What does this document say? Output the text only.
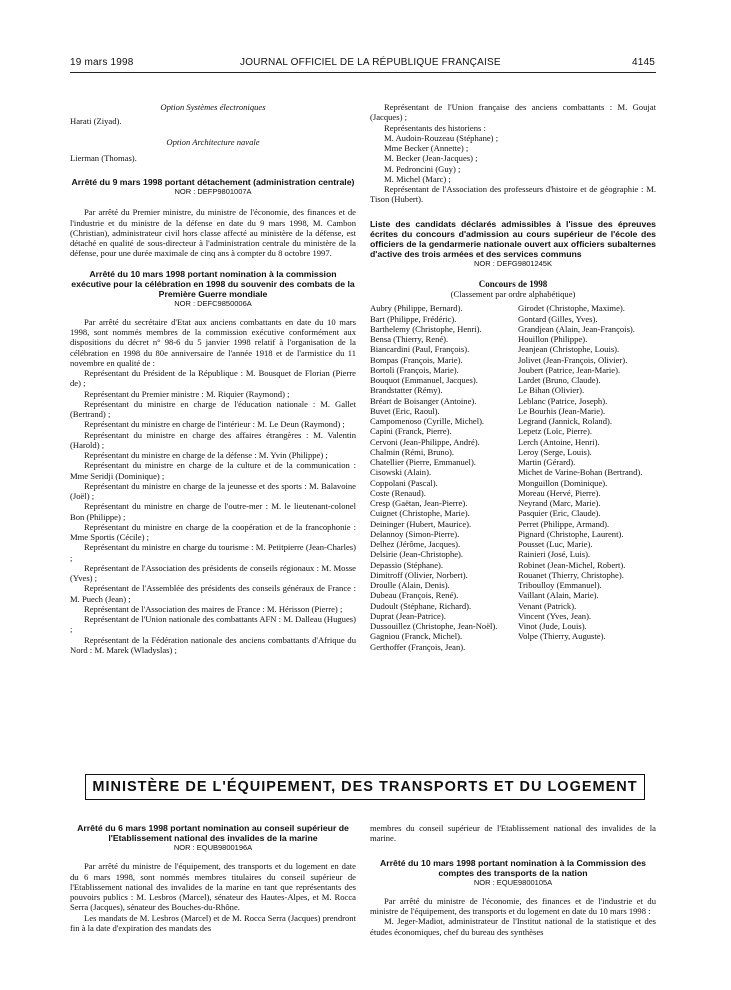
19 mars 1998	JOURNAL OFFICIEL DE LA RÉPUBLIQUE FRANÇAISE	4145

Option Systèmes électroniques

Harati (Ziyad).

Option Architecture navale

Lierman (Thomas).

Arrêté du 9 mars 1998 portant détachement (administration centrale)

NOR : DEFP9801007A

Par arrêté du Premier ministre, du ministre de l'économie, des finances et de l'industrie et du ministre de la défense en date du 9 mars 1998, M. Cambon (Christian), administrateur civil hors classe affecté au ministère de la défense, est détaché en qualité de sous-directeur à l'administration centrale du ministère de la défense, pour une durée maximale de cinq ans à compter du 8 octobre 1997.

Arrêté du 10 mars 1998 portant nomination à la commission exécutive pour la célébration en 1998 du souvenir des combats de la Première Guerre mondiale

NOR : DEFC9850006A

Par arrêté du secrétaire d'Etat aux anciens combattants en date du 10 mars 1998, sont nommés membres de la commission exécutive conformément aux dispositions du décret n° 98-6 du 5 janvier 1998 relatif à l'organisation de la célébration en 1998 du 80e anniversaire de l'année 1918 et de l'armistice du 11 novembre en qualité de :

Représentant du Président de la République : M. Bousquet de Florian (Pierre de) ;

Représentant du Premier ministre : M. Riquier (Raymond) ;

Représentant du ministre en charge de l'éducation nationale : M. Gallet (Bertrand) ;

Représentant du ministre en charge de l'intérieur : M. Le Deun (Raymond) ;

Représentant du ministre en charge des affaires étrangères : M. Valentin (Harold) ;

Représentant du ministre en charge de la défense : M. Yvin (Philippe) ;

Représentant du ministre en charge de la culture et de la communication : Mme Seridji (Dominique) ;

Représentant du ministre en charge de la jeunesse et des sports : M. Balavoine (Joël) ;

Représentant du ministre en charge de l'outre-mer : M. le lieutenant-colonel Bon (Philippe) ;

Représentant du ministre en charge de la coopération et de la francophonie : Mme Sportis (Cécile) ;

Représentant du ministre en charge du tourisme : M. Petitpierre (Jean-Charles) ;

Représentant de l'Association des présidents de conseils régionaux : M. Mosse (Yves) ;

Représentant de l'Assemblée des présidents des conseils généraux de France : M. Puech (Jean) ;

Représentant de l'Association des maires de France : M. Hérisson (Pierre) ;

Représentant de l'Union nationale des combattants AFN : M. Dalleau (Hugues) ;

Représentant de la Fédération nationale des anciens combattants d'Afrique du Nord : M. Marek (Wladyslas) ;

Représentant de l'Union française des anciens combattants : M. Goujat (Jacques) ;

Représentants des historiens :

M. Audoin-Rouzeau (Stéphane) ;

Mme Becker (Annette) ;

M. Becker (Jean-Jacques) ;

M. Pedroncini (Guy) ;

M. Michel (Marc) ;

Représentant de l'Association des professeurs d'histoire et de géographie : M. Tison (Hubert).

Liste des candidats déclarés admissibles à l'issue des épreuves écrites du concours d'admission au cours supérieur de l'école des officiers de la gendarmerie nationale ouvert aux officiers subalternes d'active des trois armées et des services communs

NOR : DEFG9801245K

Concours de 1998

(Classement par ordre alphabétique)

Aubry (Philippe, Bernard).

Bart (Philippe, Frédéric).

Barthelemy (Christophe, Henri).

Bensa (Thierry, René).

Biancardini (Paul, François).

Bompas (François, Marie).

Bortoli (François, Marie).

Bouquot (Emmanuel, Jacques).

Brandstatter (Rémy).

Bréart de Boisanger (Antoine).

Buvet (Eric, Raoul).

Campomenoso (Cyrille, Michel).

Capini (Franck, Pierre).

Cervoni (Jean-Philippe, André).

Chalmin (Rémi, Bruno).

Chatellier (Pierre, Emmanuel).

Cisowski (Alain).

Coppolani (Pascal).

Coste (Renaud).

Cresp (Gaëtan, Jean-Pierre).

Cuignet (Christophe, Marie).

Deininger (Hubert, Maurice).

Delannoy (Simon-Pierre).

Delhez (Jérôme, Jacques).

Delsirie (Jean-Christophe).

Depassio (Stéphane).

Dimitroff (Olivier, Norbert).

Droulle (Alain, Denis).

Dubeau (François, René).

Dudoult (Stéphane, Richard).

Duprat (Jean-Patrice).

Dussouillez (Christophe, Jean-Noël).

Gagniou (Franck, Michel).

Gerthoffer (François, Jean).

Girodet (Christophe, Maxime).

Gontard (Gilles, Yves).

Grandjean (Alain, Jean-François).

Houillon (Philippe).

Jeanjean (Christophe, Louis).

Jolivet (Jean-François, Olivier).

Joubert (Patrice, Jean-Marie).

Lardet (Bruno, Claude).

Le Bihan (Olivier).

Leblanc (Patrice, Joseph).

Le Bourhis (Jean-Marie).

Legrand (Jannick, Roland).

Lepetz (Loïc, Pierre).

Lerch (Antoine, Henri).

Leroy (Serge, Louis).

Martin (Gérard).

Michet de Varine-Bohan (Bertrand).

Monguillon (Dominique).

Moreau (Hervé, Pierre).

Neyrand (Marc, Marie).

Pasquier (Eric, Claude).

Perret (Philippe, Armand).

Pignard (Christophe, Laurent).

Pousset (Luc, Marie).

Rainieri (José, Luis).

Robinet (Jean-Michel, Robert).

Rouanet (Thierry, Christophe).

Triboulloy (Emmanuel).

Vaillant (Alain, Marie).

Venant (Patrick).

Vincent (Yves, Jean).

Vinot (Jude, Louis).

Volpe (Thierry, Auguste).

MINISTÈRE DE L'ÉQUIPEMENT, DES TRANSPORTS ET DU LOGEMENT

Arrêté du 6 mars 1998 portant nomination au conseil supérieur de l'Etablissement national des invalides de la marine

NOR : EQUB9800196A

Par arrêté du ministre de l'équipement, des transports et du logement en date du 6 mars 1998, sont nommés membres titulaires du conseil supérieur de l'Etablissement national des invalides de la marine en tant que représentants des pouvoirs publics : M. Lesbros (Marcel), sénateur des Hautes-Alpes, et M. Rocca Serra (Jacques), sénateur des Bouches-du-Rhône.

Les mandats de M. Lesbros (Marcel) et de M. Rocca Serra (Jacques) prendront fin à la date d'expiration des mandats des

membres du conseil supérieur de l'Etablissement national des invalides de la marine.

Arrêté du 10 mars 1998 portant nomination à la Commission des comptes des transports de la nation

NOR : EQUE9800105A

Par arrêté du ministre de l'économie, des finances et de l'industrie et du ministre de l'équipement, des transports et du logement en date du 10 mars 1998 :

M. Jeger-Madiot, administrateur de l'Institut national de la statistique et des études économiques, chef du bureau des synthèses
